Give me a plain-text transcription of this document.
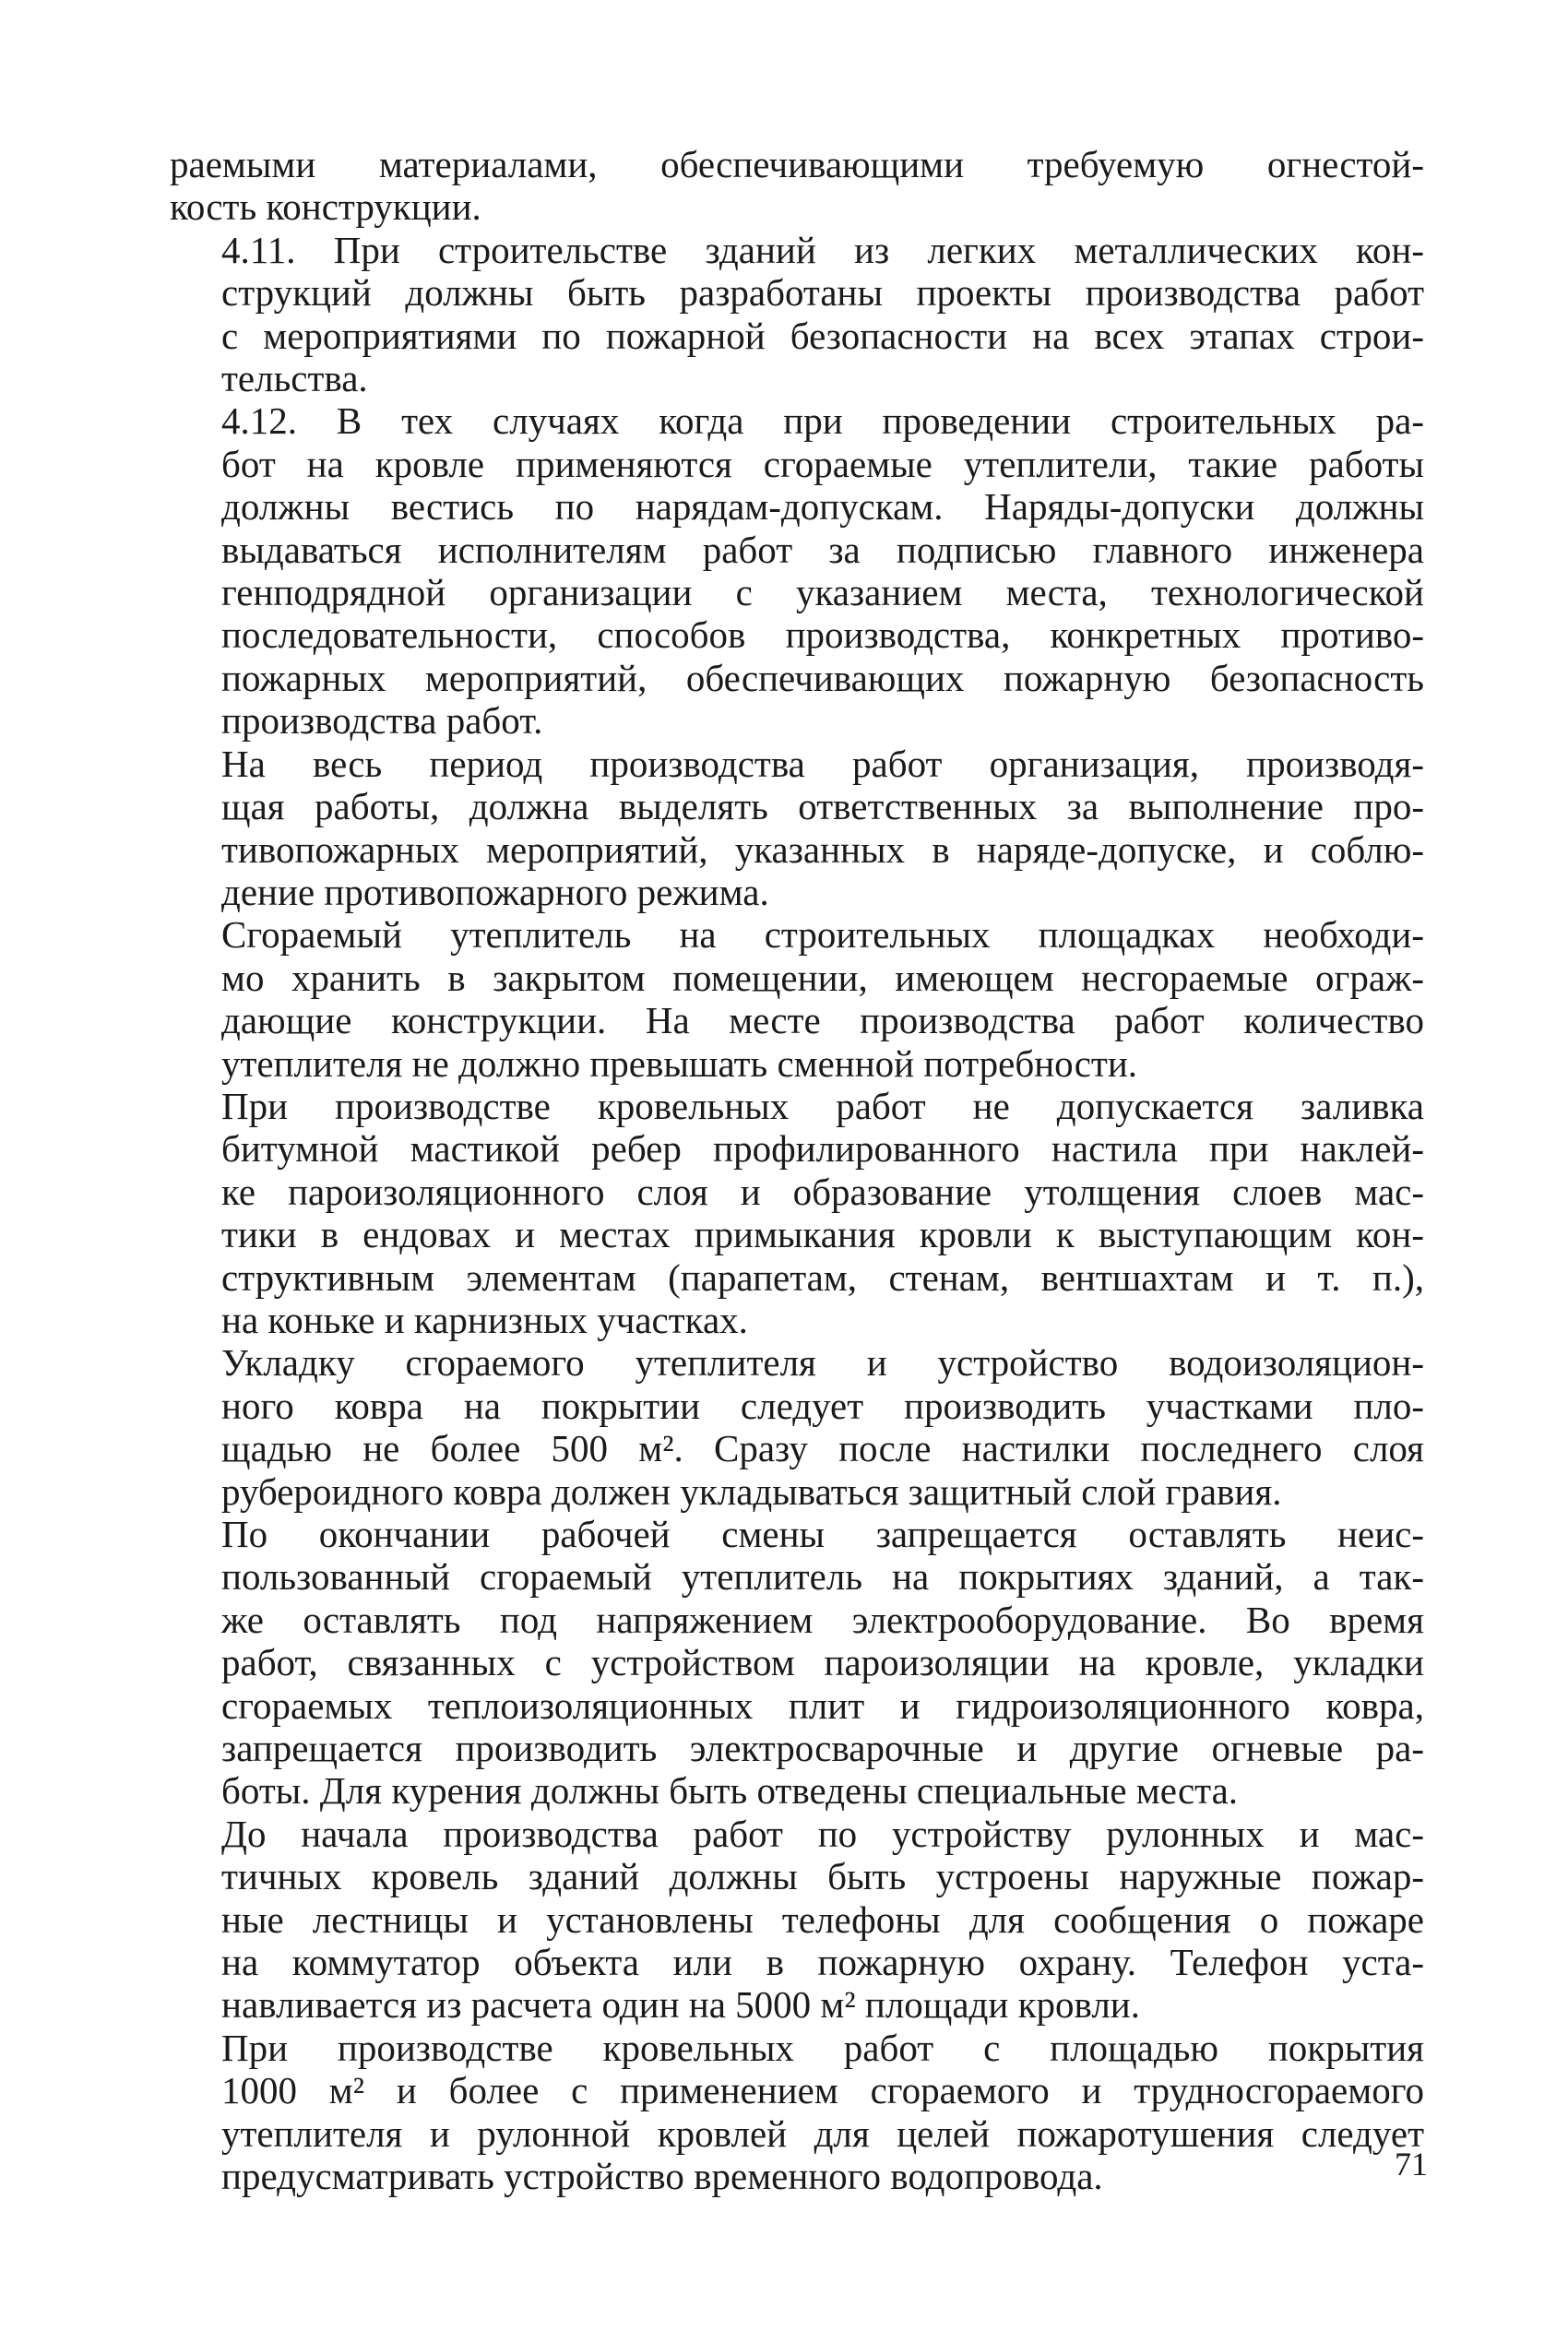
раемыми материалами, обеспечивающими требуемую огнестой-
кость конструкции.

4.11. При строительстве зданий из легких металлических кон-
струкций должны быть разработаны проекты производства работ
с мероприятиями по пожарной безопасности на всех этапах строи-
тельства.

4.12. В тех случаях когда при проведении строительных ра-
бот на кровле применяются сгораемые утеплители, такие работы
должны вестись по нарядам-допускам. Наряды-допуски должны
выдаваться исполнителям работ за подписью главного инженера
генподрядной организации с указанием места, технологической
последовательности, способов производства, конкретных противо-
пожарных мероприятий, обеспечивающих пожарную безопасность
производства работ.

На весь период производства работ организация, производя-
щая работы, должна выделять ответственных за выполнение про-
тивопожарных мероприятий, указанных в наряде-допуске, и соблю-
дение противопожарного режима.

Сгораемый утеплитель на строительных площадках необходи-
мо хранить в закрытом помещении, имеющем несгораемые ограж-
дающие конструкции. На месте производства работ количество
утеплителя не должно превышать сменной потребности.

При производстве кровельных работ не допускается заливка
битумной мастикой ребер профилированного настила при наклей-
ке пароизоляционного слоя и образование утолщения слоев мас-
тики в ендовах и местах примыкания кровли к выступающим кон-
структивным элементам (парапетам, стенам, вентшахтам и т. п.),
на коньке и карнизных участках.

Укладку сгораемого утеплителя и устройство водоизоляцион-
ного ковра на покрытии следует производить участками пло-
щадью не более 500 м². Сразу после настилки последнего слоя
рубероидного ковра должен укладываться защитный слой гравия.

По окончании рабочей смены запрещается оставлять неис-
пользованный сгораемый утеплитель на покрытиях зданий, а так-
же оставлять под напряжением электрооборудование. Во время
работ, связанных с устройством пароизоляции на кровле, укладки
сгораемых теплоизоляционных плит и гидроизоляционного ковра,
запрещается производить электросварочные и другие огневые ра-
боты. Для курения должны быть отведены специальные места.

До начала производства работ по устройству рулонных и мас-
тичных кровель зданий должны быть устроены наружные пожар-
ные лестницы и установлены телефоны для сообщения о пожаре
на коммутатор объекта или в пожарную охрану. Телефон уста-
навливается из расчета один на 5000 м² площади кровли.

При производстве кровельных работ с площадью покрытия
1000 м² и более с применением сгораемого и трудносгораемого
утеплителя и рулонной кровлей для целей пожаротушения следует
предусматривать устройство временного водопровода.	71
